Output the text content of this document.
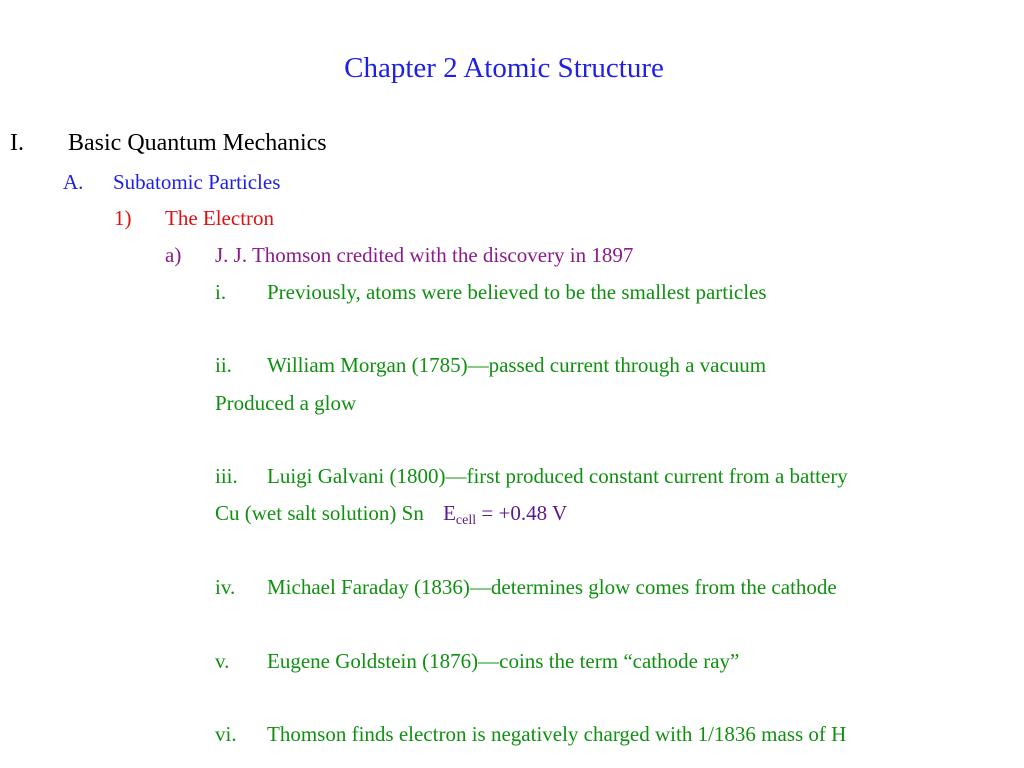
Chapter 2 Atomic Structure
I. Basic Quantum Mechanics
A. Subatomic Particles
1) The Electron
a) J. J. Thomson credited with the discovery in 1897
i. Previously, atoms were believed to be the smallest particles
ii. William Morgan (1785)—passed current through a vacuum
Produced a glow
iii. Luigi Galvani (1800)—first produced constant current from a battery
Cu (wet salt solution) Sn $E_{cell} = +0.48$ V
iv. Michael Faraday (1836)—determines glow comes from the cathode
v. Eugene Goldstein (1876)—coins the term “cathode ray”
vi. Thomson finds electron is negatively charged with 1/1836 mass of H
